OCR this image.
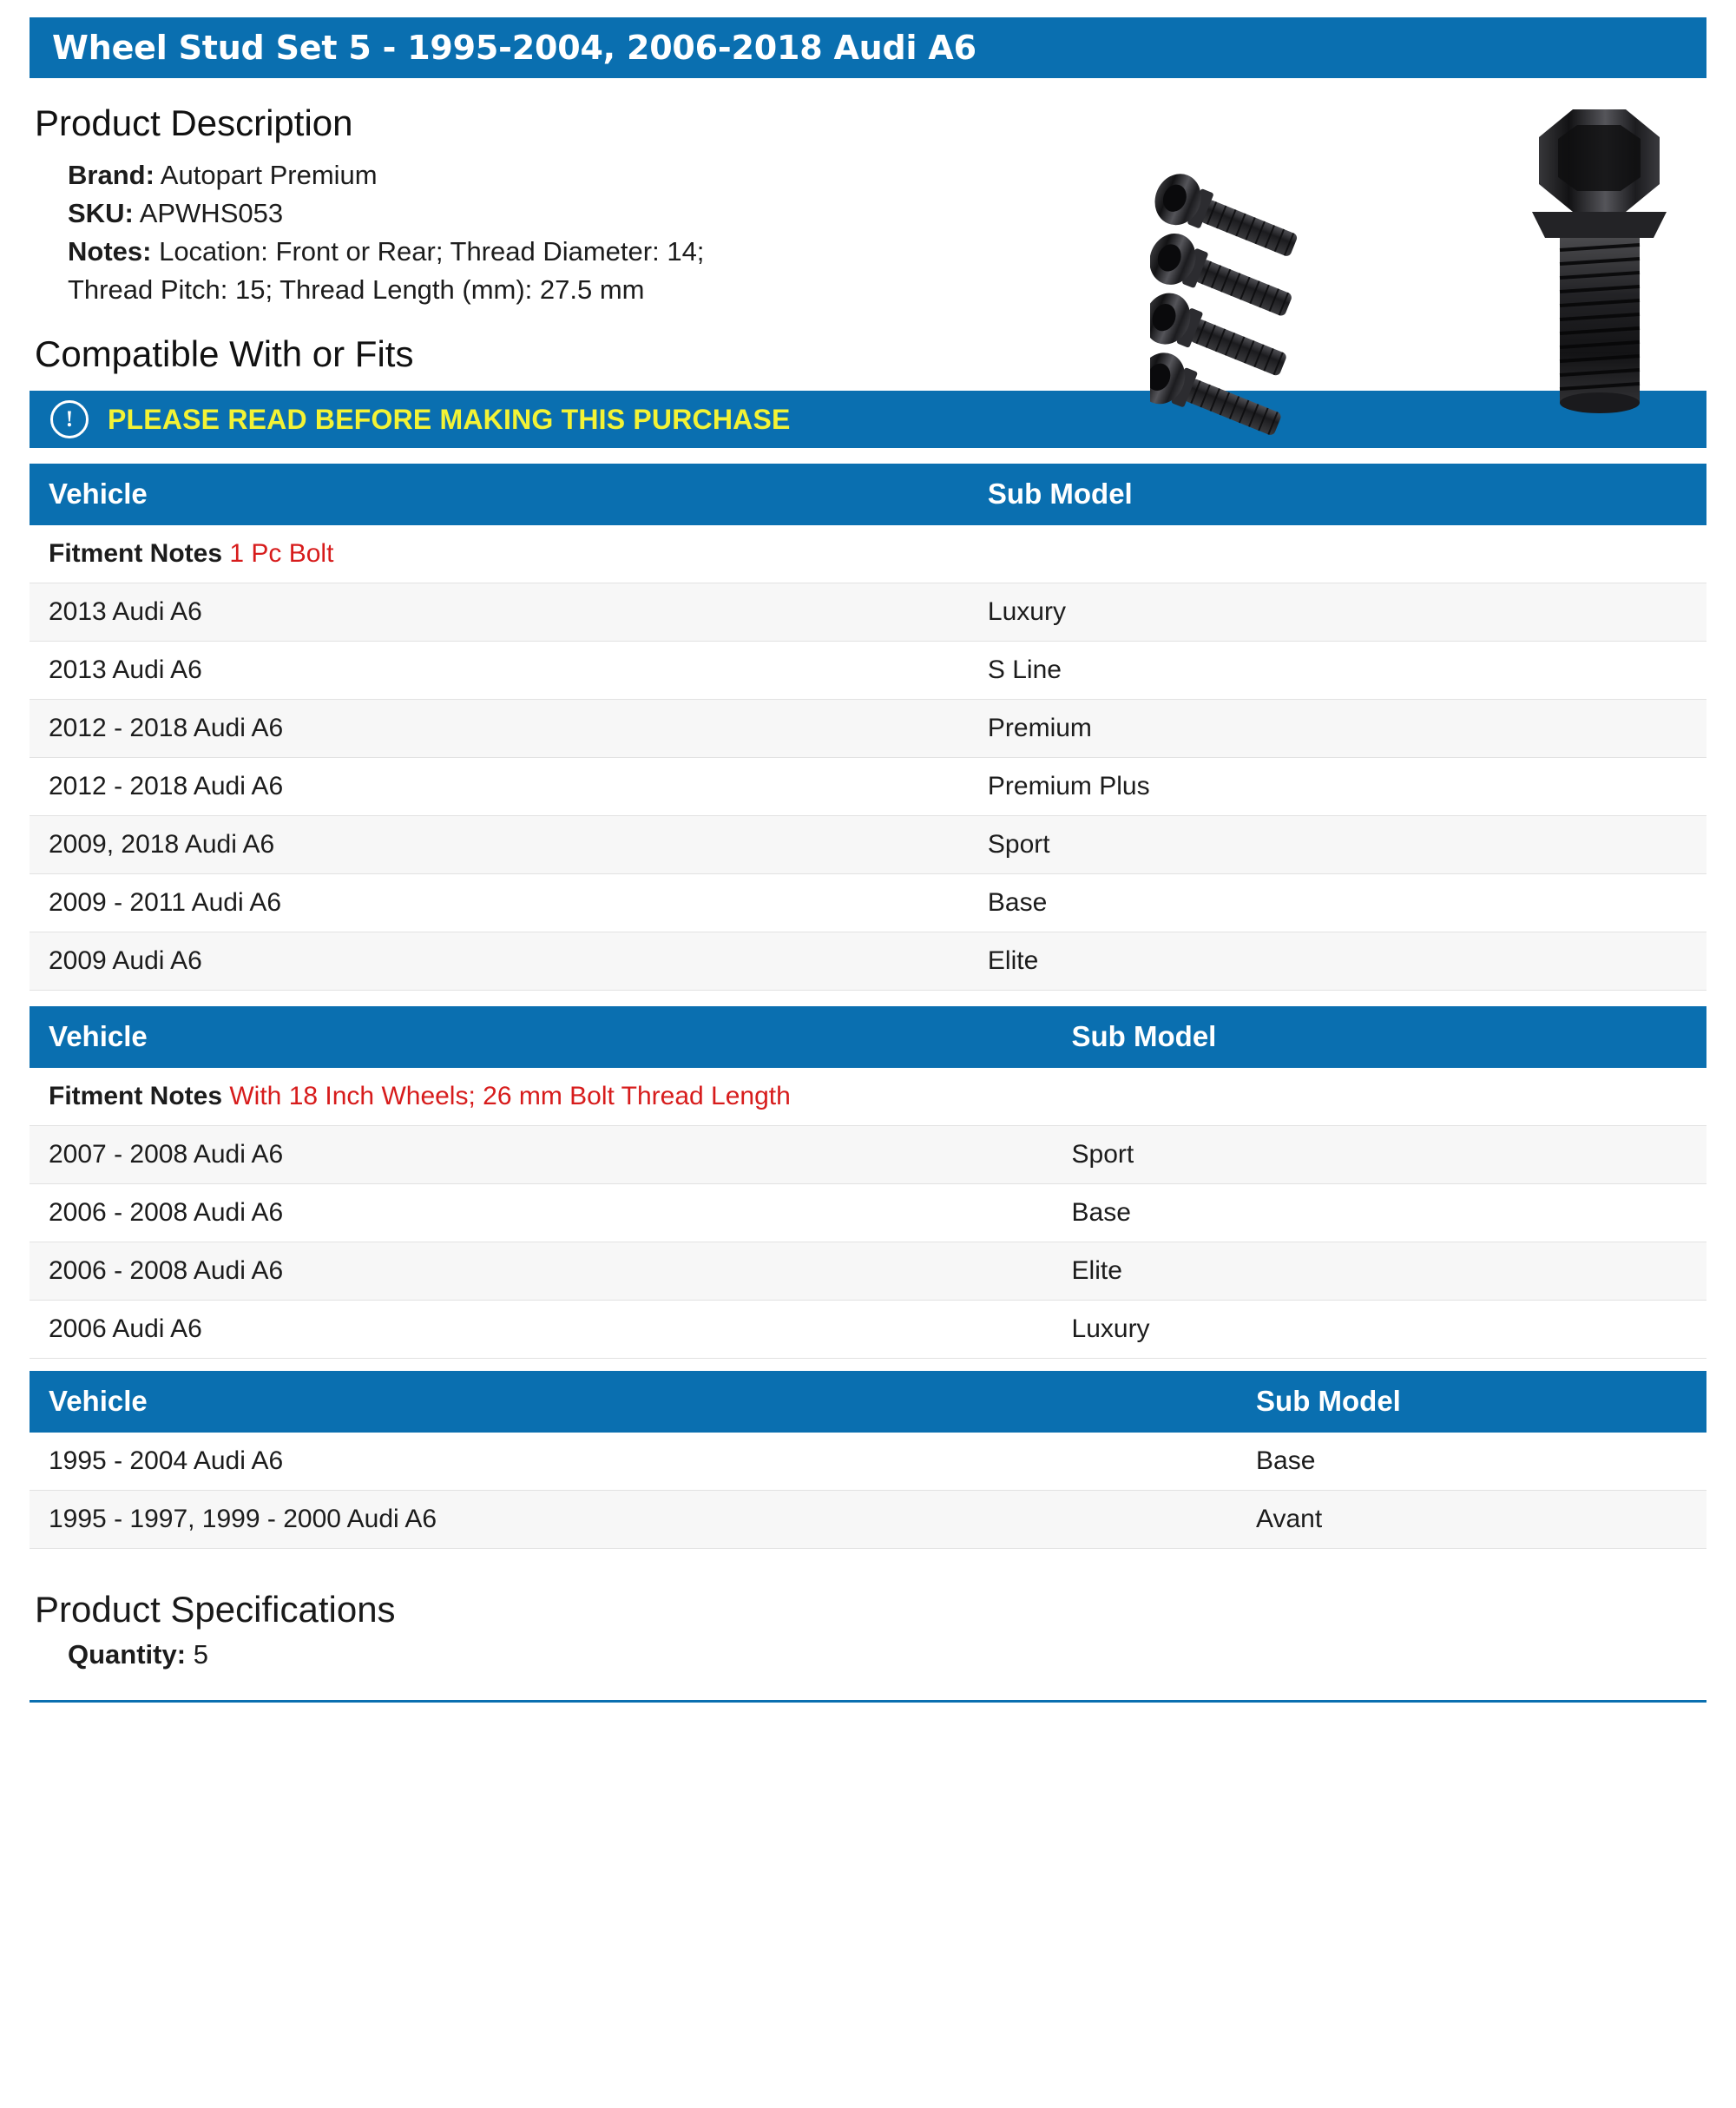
Wheel Stud Set 5 - 1995-2004, 2006-2018 Audi A6
Product Description
Brand: Autopart Premium
SKU: APWHS053
Notes: Location: Front or Rear; Thread Diameter: 14;
Thread Pitch: 15; Thread Length (mm): 27.5 mm
Compatible With or Fits
!	PLEASE READ BEFORE MAKING THIS PURCHASE
Vehicle	Sub Model
Fitment Notes 1 Pc Bolt	
2013 Audi A6	Luxury
2013 Audi A6	S Line
2012 - 2018 Audi A6	Premium
2012 - 2018 Audi A6	Premium Plus
2009, 2018 Audi A6	Sport
2009 - 2011 Audi A6	Base
2009 Audi A6	Elite
Vehicle	Sub Model
Fitment Notes With 18 Inch Wheels; 26 mm Bolt Thread Length	
2007 - 2008 Audi A6	Sport
2006 - 2008 Audi A6	Base
2006 - 2008 Audi A6	Elite
2006 Audi A6	Luxury
Vehicle	Sub Model
1995 - 2004 Audi A6	Base
1995 - 1997, 1999 - 2000 Audi A6	Avant
Product Specifications
Quantity: 5
